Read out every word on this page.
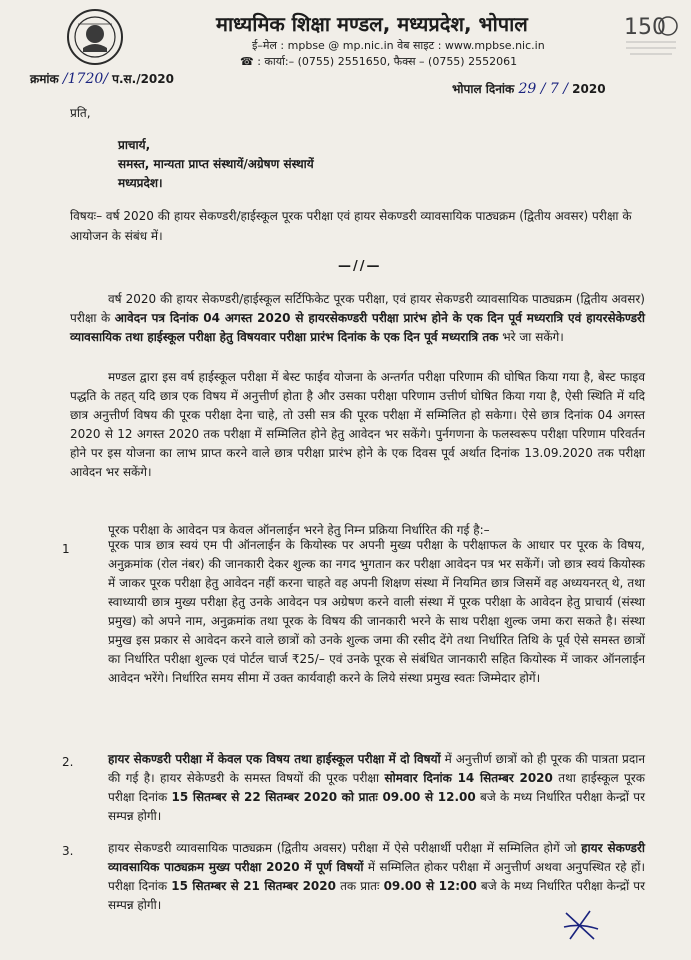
150
माध्यमिक शिक्षा मण्डल, मध्यप्रदेश, भोपाल
ई–मेल : mpbse @ mp.nic.in वेब साइट : www.mpbse.nic.in
☎ : कार्या:– (0755) 2551650, फैक्स – (0755) 2552061
क्रमांक /1720/ प.स./2020
भोपाल दिनांक 29 / 7 / 2020
प्रति,
प्राचार्य,
समस्त, मान्यता प्राप्त संस्थायें/अग्रेषण संस्थायें
मध्यप्रदेश।
विषयः– वर्ष 2020 की हायर सेकण्डरी/हाईस्कूल पूरक परीक्षा एवं हायर सेकण्डरी व्यावसायिक पाठ्यक्रम (द्वितीय अवसर) परीक्षा के आयोजन के संबंध में।
—//—
वर्ष 2020 की हायर सेकण्डरी/हाईस्कूल सर्टिफिकेट पूरक परीक्षा, एवं हायर सेकण्डरी व्यावसायिक पाठ्यक्रम (द्वितीय अवसर) परीक्षा के आवेदन पत्र दिनांक 04 अगस्त 2020 से हायरसेकण्डरी परीक्षा प्रारंभ होने के एक दिन पूर्व मध्यरात्रि एवं हायरसेकेण्डरी व्यावसायिक तथा हाईस्कूल परीक्षा हेतु विषयवार परीक्षा प्रारंभ दिनांक के एक दिन पूर्व मध्यरात्रि तक भरे जा सकेंगे।
मण्डल द्वारा इस वर्ष हाईस्कूल परीक्षा में बेस्ट फाईव योजना के अन्तर्गत परीक्षा परिणाम की घोषित किया गया है, बेस्ट फाइव पद्धति के तहत् यदि छात्र एक विषय में अनुत्तीर्ण होता है और उसका परीक्षा परिणाम उत्तीर्ण घोषित किया गया है, ऐसी स्थिति में यदि छात्र अनुत्तीर्ण विषय की पूरक परीक्षा देना चाहे, तो उसी सत्र की पूरक परीक्षा में सम्मिलित हो सकेगा। ऐसे छात्र दिनांक 04 अगस्त 2020 से 12 अगस्त 2020 तक परीक्षा में सम्मिलित होने हेतु आवेदन भर सकेंगे। पुर्नगणना के फलस्वरूप परीक्षा परिणाम परिवर्तन होने पर इस योजना का लाभ प्राप्त करने वाले छात्र परीक्षा प्रारंभ होने के एक दिवस पूर्व अर्थात दिनांक 13.09.2020 तक परीक्षा आवेदन भर सकेंगे।
पूरक परीक्षा के आवेदन पत्र केवल ऑनलाईन भरने हेतु निम्न प्रक्रिया निर्धारित की गई है:–
1	पूरक पात्र छात्र स्वयं एम पी ऑनलाईन के कियोस्क पर अपनी मुख्य परीक्षा के परीक्षाफल के आधार पर पूरक के विषय, अनुक्रमांक (रोल नंबर) की जानकारी देकर शुल्क का नगद भुगतान कर परीक्षा आवेदन पत्र भर सकेंगें। जो छात्र स्वयं कियोस्क में जाकर पूरक परीक्षा हेतु आवेदन नहीं करना चाहते वह अपनी शिक्षण संस्था में नियमित छात्र जिसमें वह अध्ययनरत् थे, तथा स्वाध्यायी छात्र मुख्य परीक्षा हेतु उनके आवेदन पत्र अग्रेषण करने वाली संस्था में पूरक परीक्षा के आवेदन हेतु प्राचार्य (संस्था प्रमुख) को अपने नाम, अनुक्रमांक तथा पूरक के विषय की जानकारी भरने के साथ परीक्षा शुल्क जमा करा सकते है। संस्था प्रमुख इस प्रकार से आवेदन करने वाले छात्रों को उनके शुल्क जमा की रसीद देंगे तथा निर्धारित तिथि के पूर्व ऐसे समस्त छात्रों का निर्धारित परीक्षा शुल्क एवं पोर्टल चार्ज ₹25/– एवं उनके पूरक से संबंधित जानकारी सहित कियोस्क में जाकर ऑनलाईन आवेदन भरेंगे। निर्धारित समय सीमा में उक्त कार्यवाही करने के लिये संस्था प्रमुख स्वतः जिम्मेदार होगें।
2.	हायर सेकण्डरी परीक्षा में केवल एक विषय तथा हाईस्कूल परीक्षा में दो विषयों में अनुत्तीर्ण छात्रों को ही पूरक की पात्रता प्रदान की गई है। हायर सेकेण्डरी के समस्त विषयों की पूरक परीक्षा सोमवार दिनांक 14 सितम्बर 2020 तथा हाईस्कूल पूरक परीक्षा दिनांक 15 सितम्बर से 22 सितम्बर 2020 को प्रातः 09.00 से 12.00 बजे के मध्य निर्धारित परीक्षा केन्द्रों पर सम्पन्न होगी।
3.	हायर सेकण्डरी व्यावसायिक पाठ्यक्रम (द्वितीय अवसर) परीक्षा में ऐसे परीक्षार्थी परीक्षा में सम्मिलित होगें जो हायर सेकण्डरी व्यावसायिक पाठ्यक्रम मुख्य परीक्षा 2020 में पूर्ण विषयों में सम्मिलित होकर परीक्षा में अनुत्तीर्ण अथवा अनुपस्थित रहे हों। परीक्षा दिनांक 15 सितम्बर से 21 सितम्बर 2020 तक प्रातः 09.00 से 12:00 बजे के मध्य निर्धारित परीक्षा केन्द्रों पर सम्पन्न होगी।
